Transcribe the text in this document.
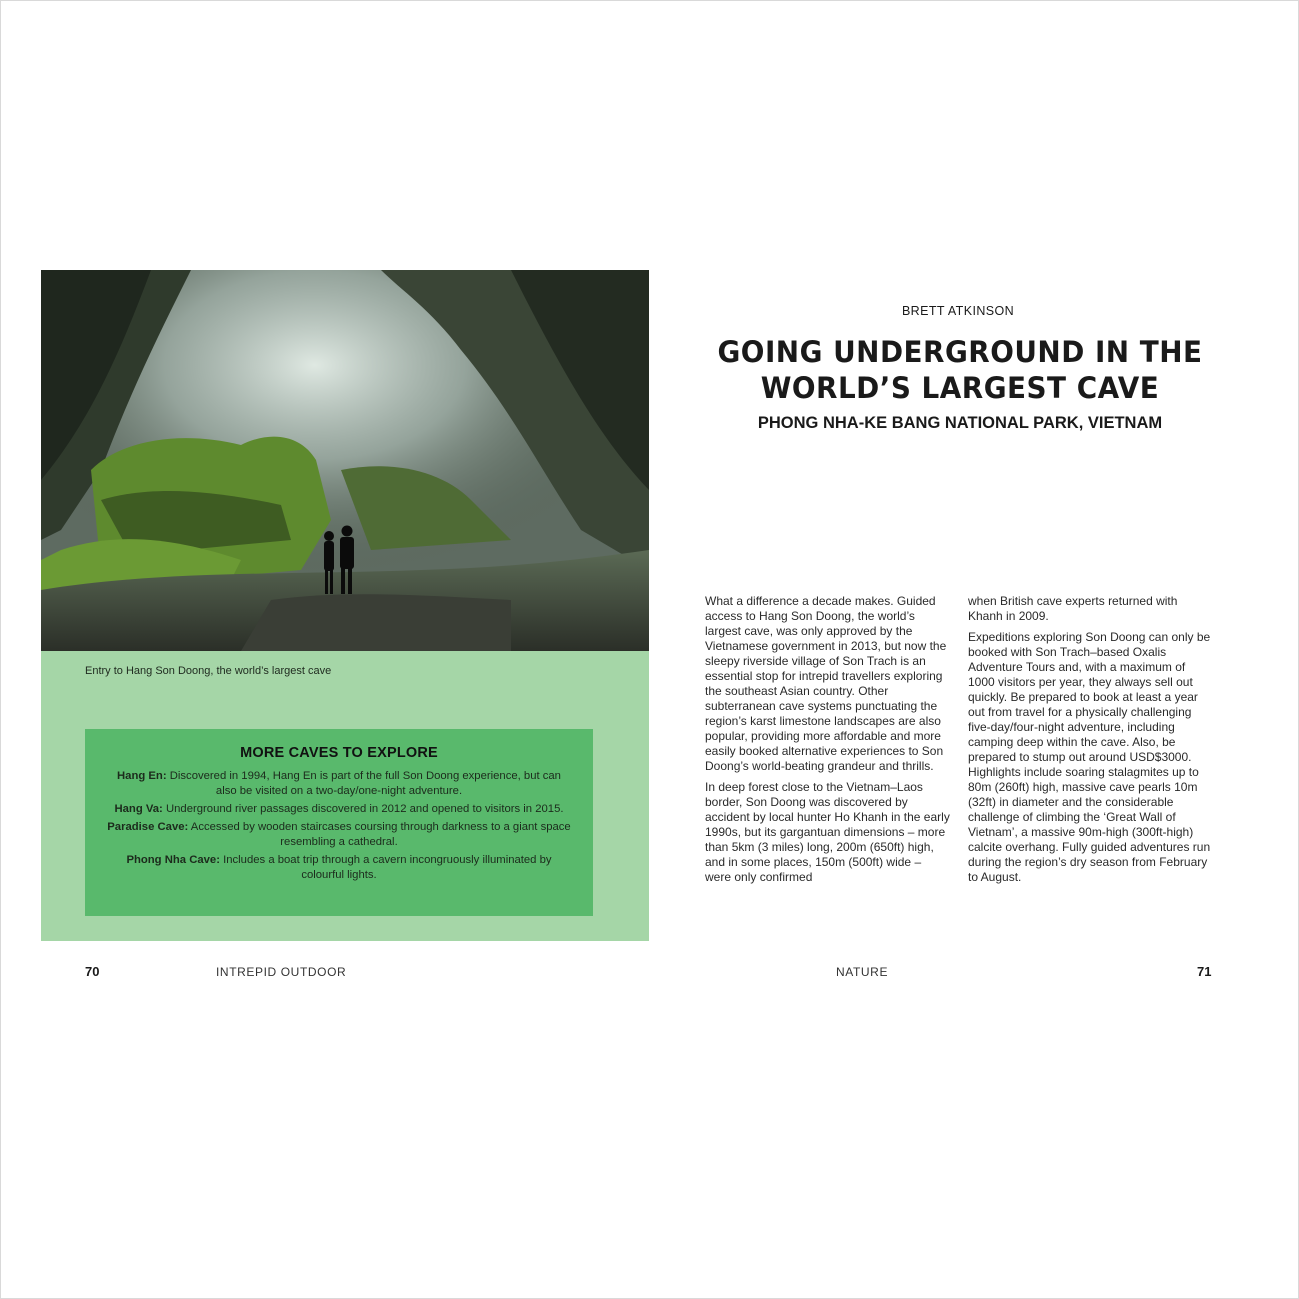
Entry to Hang Son Doong, the world’s largest cave
MORE CAVES TO EXPLORE

Hang En: Discovered in 1994, Hang En is part of the full Son Doong experience, but can also be visited on a two-day/one-night adventure.

Hang Va: Underground river passages discovered in 2012 and opened to visitors in 2015.

Paradise Cave: Accessed by wooden staircases coursing through darkness to a giant space resembling a cathedral.

Phong Nha Cave: Includes a boat trip through a cavern incongruously illuminated by colourful lights.

70	INTREPID OUTDOOR
BRETT ATKINSON
GOING UNDERGROUND IN THE
WORLD’S LARGEST CAVE
PHONG NHA-KE BANG NATIONAL PARK, VIETNAM

What a difference a decade makes. Guided access to Hang Son Doong, the world’s largest cave, was only approved by the Vietnamese government in 2013, but now the sleepy riverside village of Son Trach is an essential stop for intrepid travellers exploring the southeast Asian country. Other subterranean cave systems punctuating the region’s karst limestone landscapes are also popular, providing more affordable and more easily booked alternative experiences to Son Doong’s world-beating grandeur and thrills.

In deep forest close to the Vietnam–Laos border, Son Doong was discovered by accident by local hunter Ho Khanh in the early 1990s, but its gargantuan dimensions – more than 5km (3 miles) long, 200m (650ft) high, and in some places, 150m (500ft) wide – were only confirmed

when British cave experts returned with Khanh in 2009.

Expeditions exploring Son Doong can only be booked with Son Trach–based Oxalis Adventure Tours and, with a maximum of 1000 visitors per year, they always sell out quickly. Be prepared to book at least a year out from travel for a physically challenging five-day/four-night adventure, including camping deep within the cave. Also, be prepared to stump out around USD$3000. Highlights include soaring stalagmites up to 80m (260ft) high, massive cave pearls 10m (32ft) in diameter and the considerable challenge of climbing the ‘Great Wall of Vietnam’, a massive 90m-high (300ft-high) calcite overhang. Fully guided adventures run during the region’s dry season from February to August.

NATURE	71
